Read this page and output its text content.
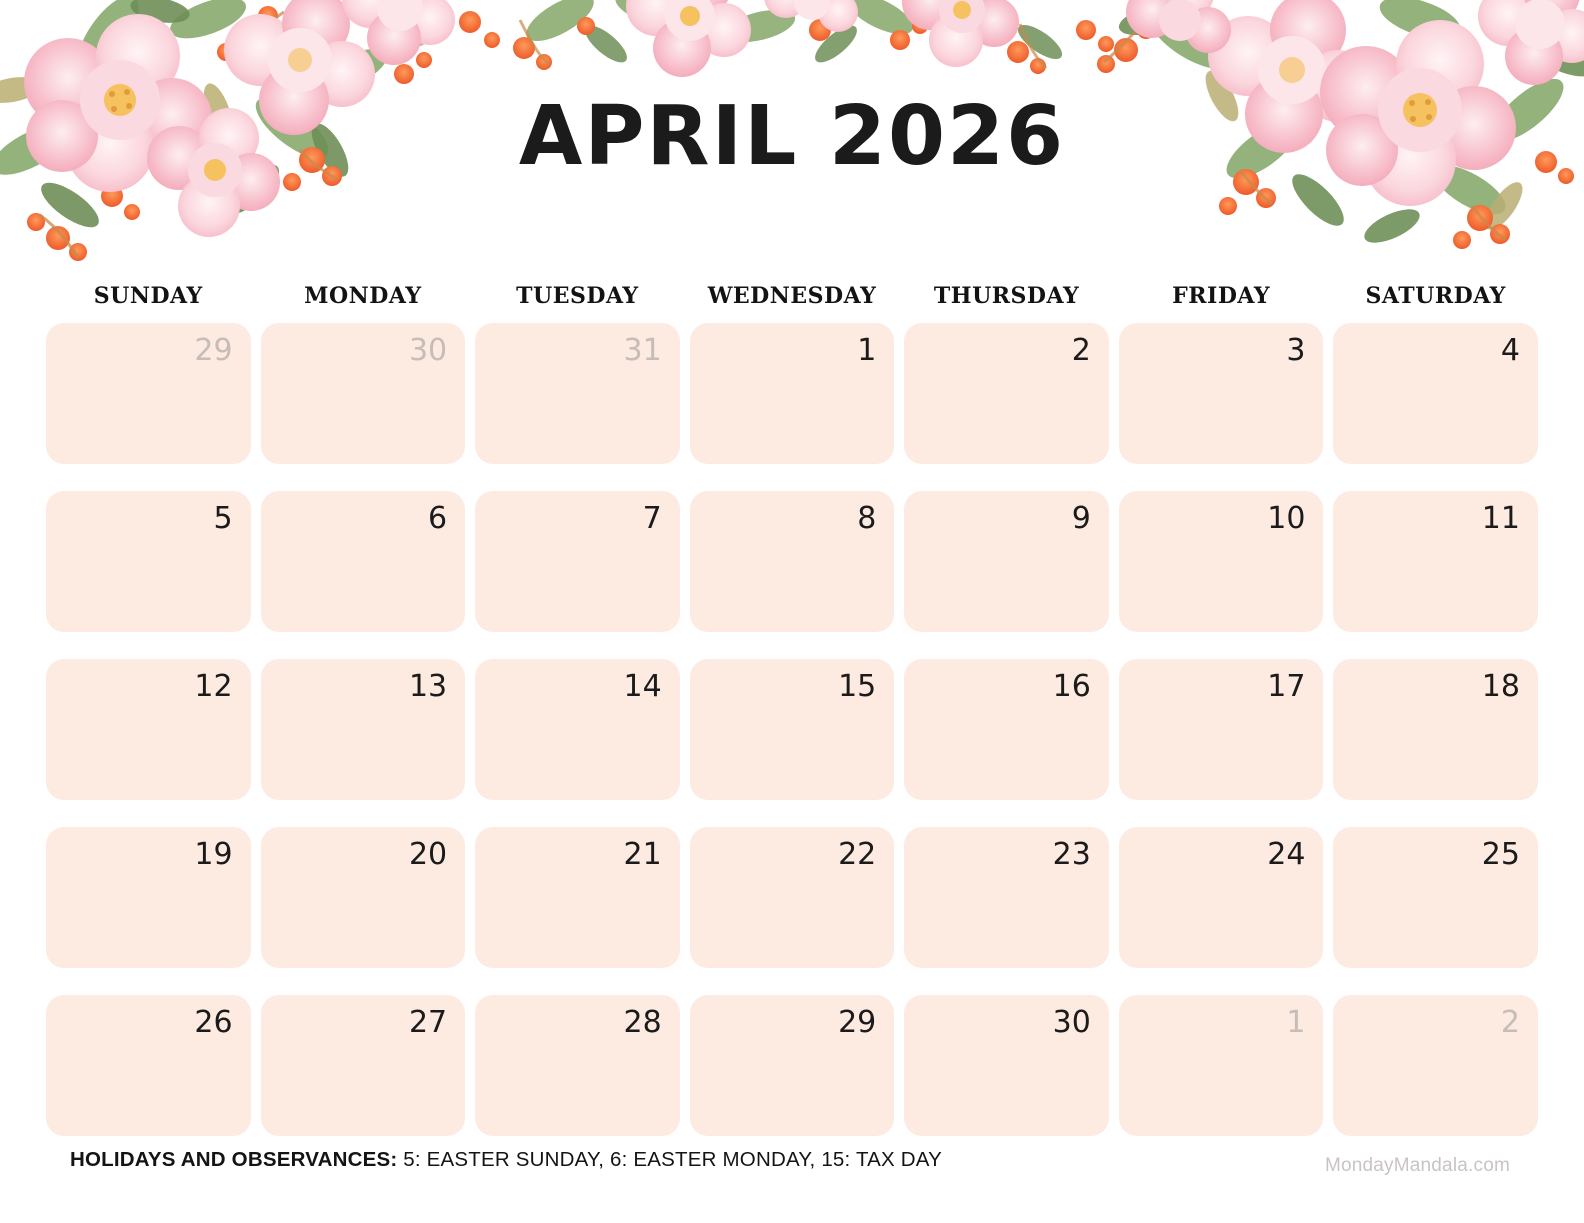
APRIL 2026
SUNDAY	MONDAY	TUESDAY	WEDNESDAY	THURSDAY	FRIDAY	SATURDAY
29	30	31	1	2	3	4
5	6	7	8	9	10	11
12	13	14	15	16	17	18
19	20	21	22	23	24	25
26	27	28	29	30	1	2
HOLIDAYS AND OBSERVANCES: 5: EASTER SUNDAY, 6: EASTER MONDAY, 15: TAX DAY	MondayMandala.com
